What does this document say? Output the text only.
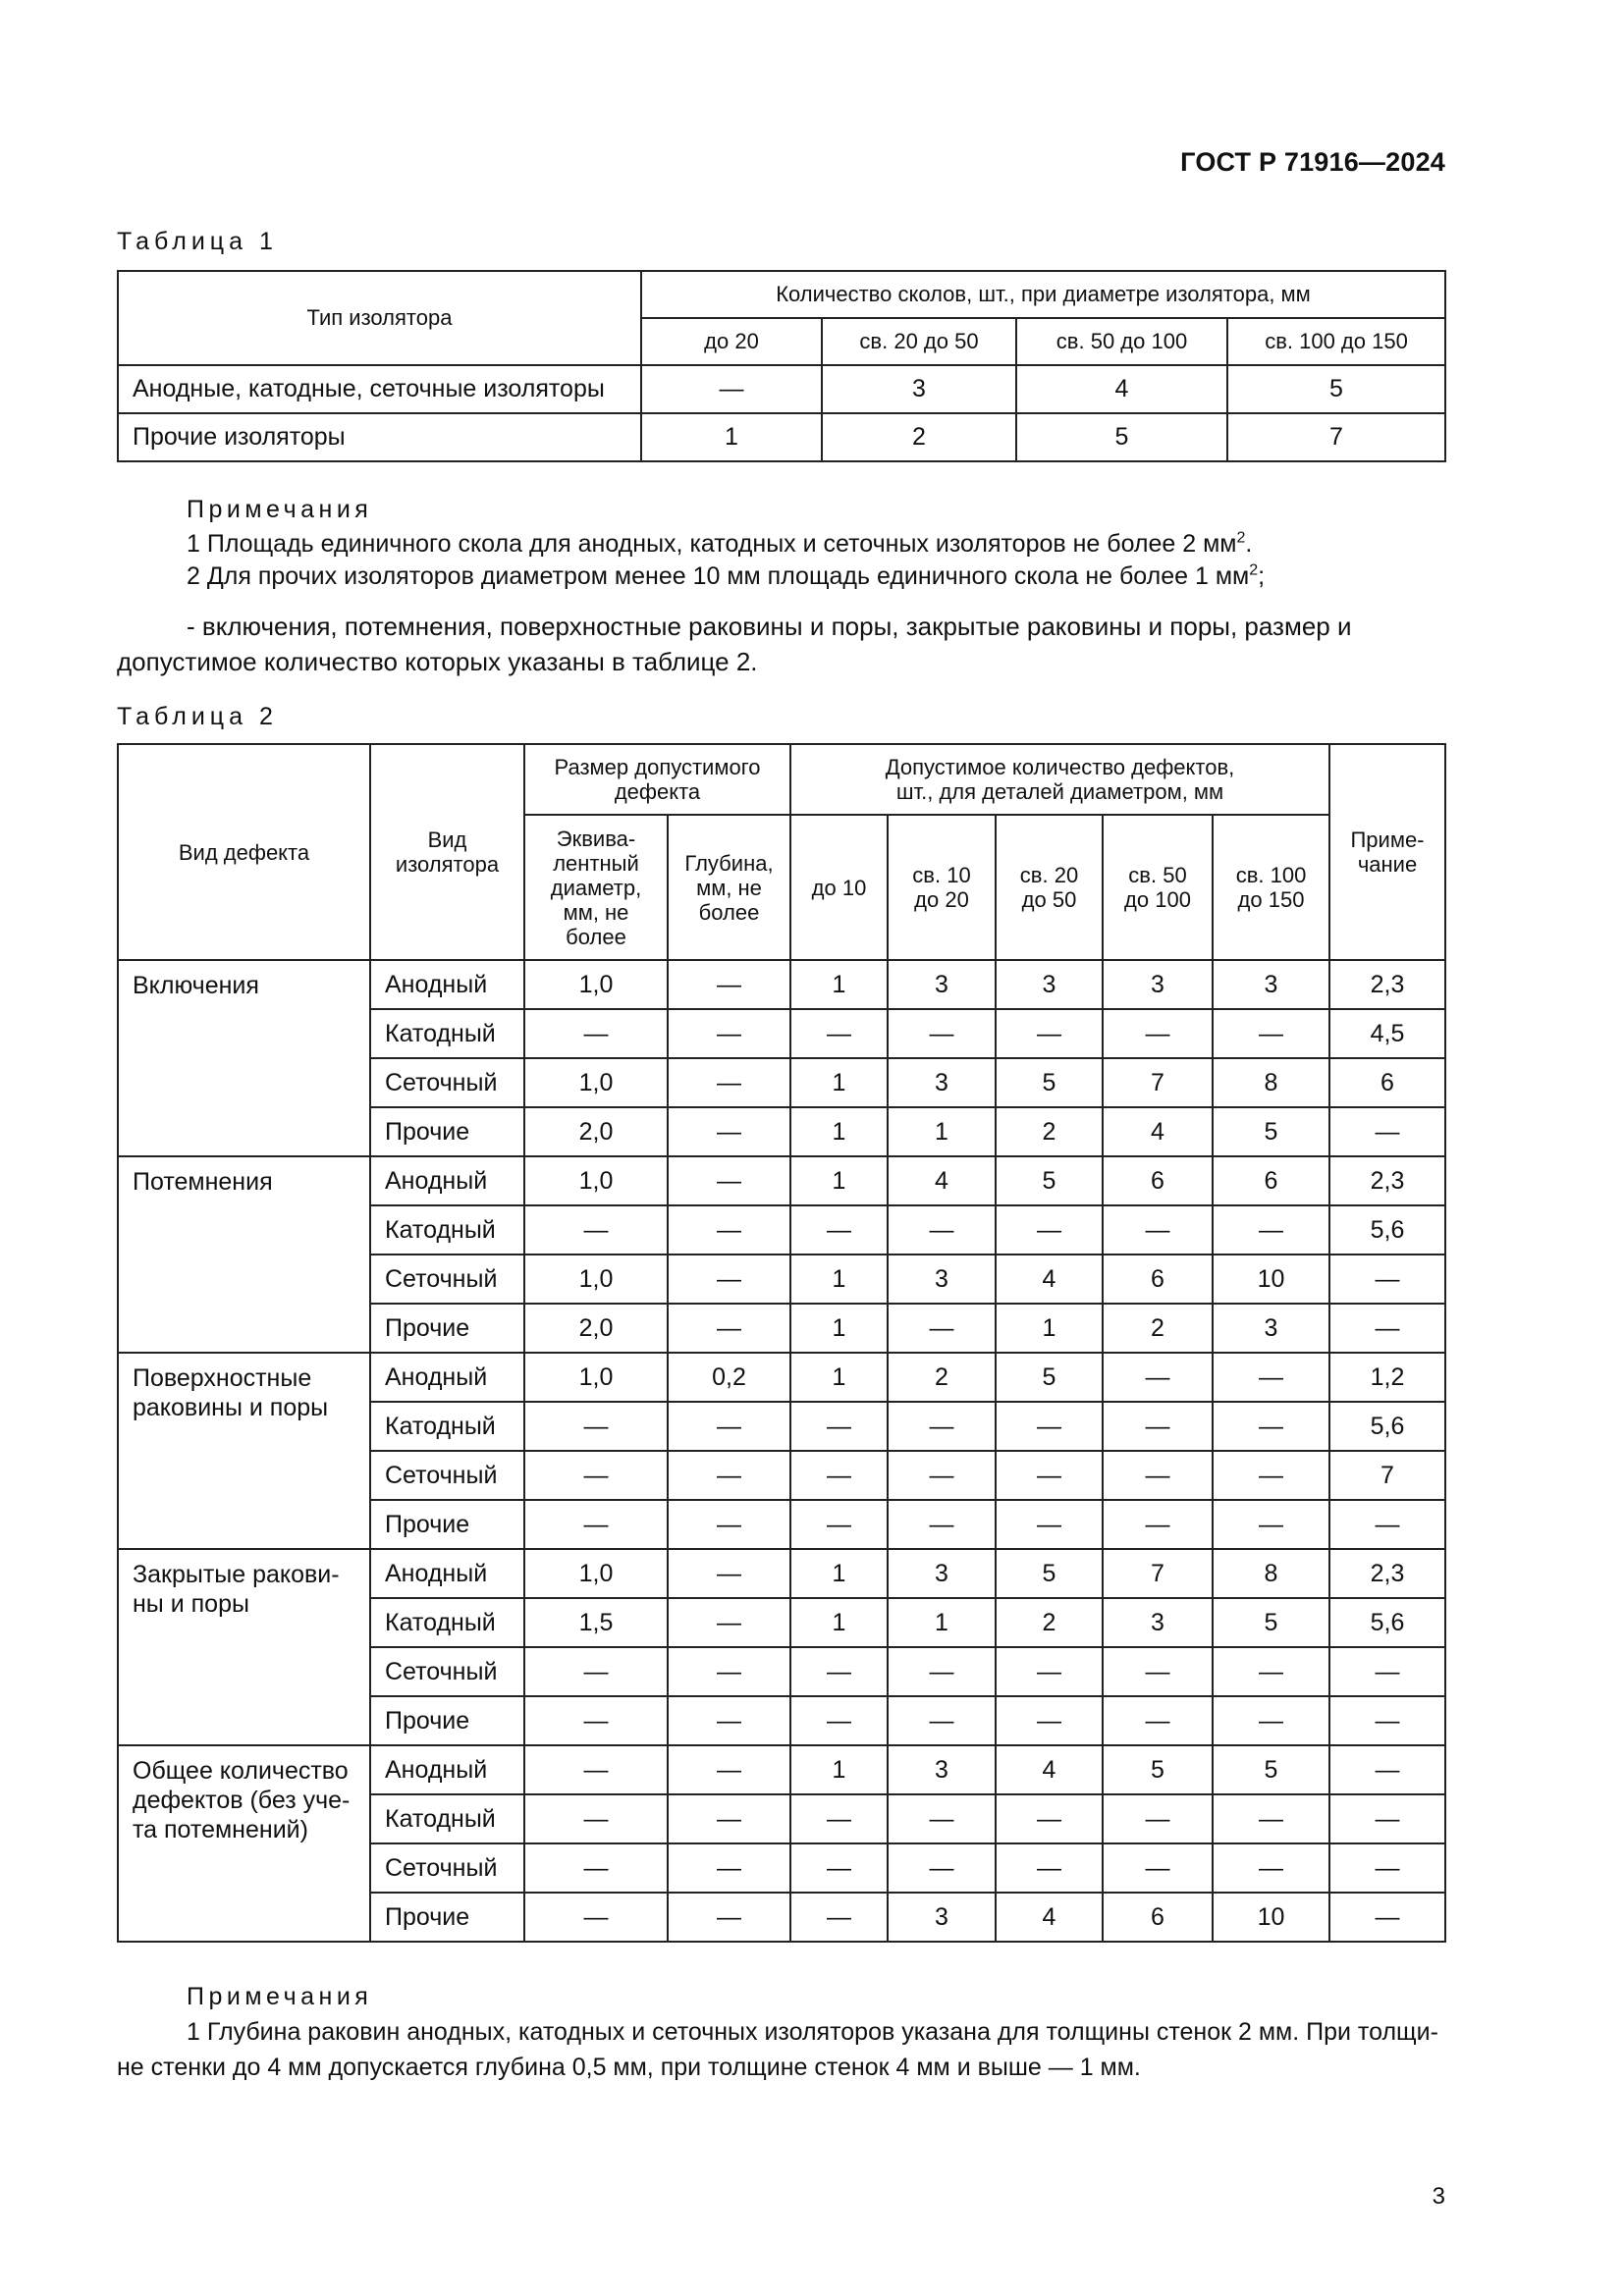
ГОСТ Р 71916—2024
Таблица 1
Тип изолятора	Количество сколов, шт., при диаметре изолятора, мм			
	до 20	св. 20 до 50	св. 50 до 100	св. 100 до 150
Анодные, катодные, сеточные изоляторы	—	3	4	5
Прочие изоляторы	1	2	5	7
Примечания
1 Площадь единичного скола для анодных, катодных и сеточных изоляторов не более 2 $мм^2$.
2 Для прочих изоляторов диаметром менее 10 мм площадь единичного скола не более 1 $мм^2$;
- включения, потемнения, поверхностные раковины и поры, закрытые раковины и поры, размер и
допустимое количество которых указаны в таблице 2.
Таблица 2
Вид дефекта	Вид изолятора	Размер допустимого дефекта		Допустимое количество дефектов, шт., для деталей диаметром, мм					Приме-чание
		Эквива-лентный диаметр, мм, не более	Глубина, мм, не более	до 10	св. 10 до 20	св. 20 до 50	св. 50 до 100	св. 100 до 150	
Включения	Анодный	1,0	—	1	3	3	3	3	2,3
	Катодный	—	—	—	—	—	—	—	4,5
	Сеточный	1,0	—	1	3	5	7	8	6
	Прочие	2,0	—	1	1	2	4	5	—
Потемнения	Анодный	1,0	—	1	4	5	6	6	2,3
	Катодный	—	—	—	—	—	—	—	5,6
	Сеточный	1,0	—	1	3	4	6	10	—
	Прочие	2,0	—	1	—	1	2	3	—
Поверхностные раковины и поры	Анодный	1,0	0,2	1	2	5	—	—	1,2
	Катодный	—	—	—	—	—	—	—	5,6
	Сеточный	—	—	—	—	—	—	—	7
	Прочие	—	—	—	—	—	—	—	—
Закрытые ракови-ны и поры	Анодный	1,0	—	1	3	5	7	8	2,3
	Катодный	1,5	—	1	1	2	3	5	5,6
	Сеточный	—	—	—	—	—	—	—	—
	Прочие	—	—	—	—	—	—	—	—
Общее количество дефектов (без уче-та потемнений)	Анодный	—	—	1	3	4	5	5	—
	Катодный	—	—	—	—	—	—	—	—
	Сеточный	—	—	—	—	—	—	—	—
	Прочие	—	—	—	3	4	6	10	—
Примечания
1 Глубина раковин анодных, катодных и сеточных изоляторов указана для толщины стенок 2 мм. При толщи-
не стенки до 4 мм допускается глубина 0,5 мм, при толщине стенок 4 мм и выше — 1 мм.
3
